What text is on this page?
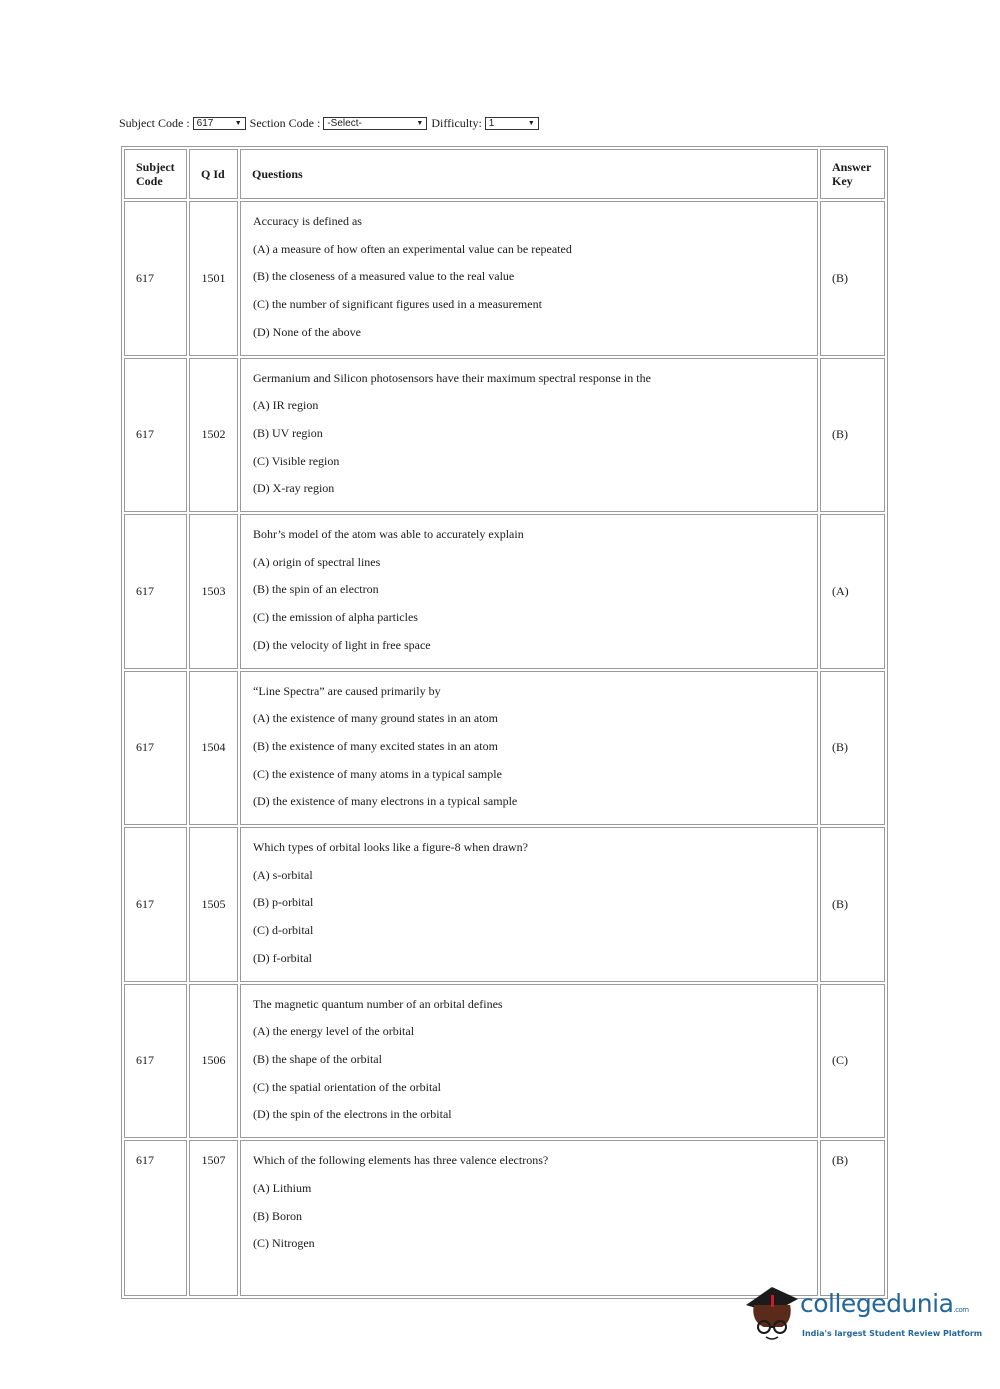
Subject Code : 617	▼ Section Code : -Select-	▼ Difficulty: 1	▼
Subject Code	Q Id	Questions	Answer Key
617	1501	Accuracy is defined as

(A) a measure of how often an experimental value can be repeated

(B) the closeness of a measured value to the real value

(C) the number of significant figures used in a measurement

(D) None of the above	(B)
617	1502	Germanium and Silicon photosensors have their maximum spectral response in the

(A) IR region

(B) UV region

(C) Visible region

(D) X-ray region	(B)
617	1503	Bohr’s model of the atom was able to accurately explain

(A) origin of spectral lines

(B) the spin of an electron

(C) the emission of alpha particles

(D) the velocity of light in free space	(A)
617	1504	“Line Spectra” are caused primarily by

(A) the existence of many ground states in an atom

(B) the existence of many excited states in an atom

(C) the existence of many atoms in a typical sample

(D) the existence of many electrons in a typical sample	(B)
617	1505	Which types of orbital looks like a figure-8 when drawn?

(A) s-orbital

(B) p-orbital

(C) d-orbital

(D) f-orbital	(B)
617	1506	The magnetic quantum number of an orbital defines

(A) the energy level of the orbital

(B) the shape of the orbital

(C) the spatial orientation of the orbital

(D) the spin of the electrons in the orbital	(C)
617	1507	Which of the following elements has three valence electrons?

(A) Lithium

(B) Boron

(C) Nitrogen	(B)
collegedunia.com
India's largest Student Review Platform
